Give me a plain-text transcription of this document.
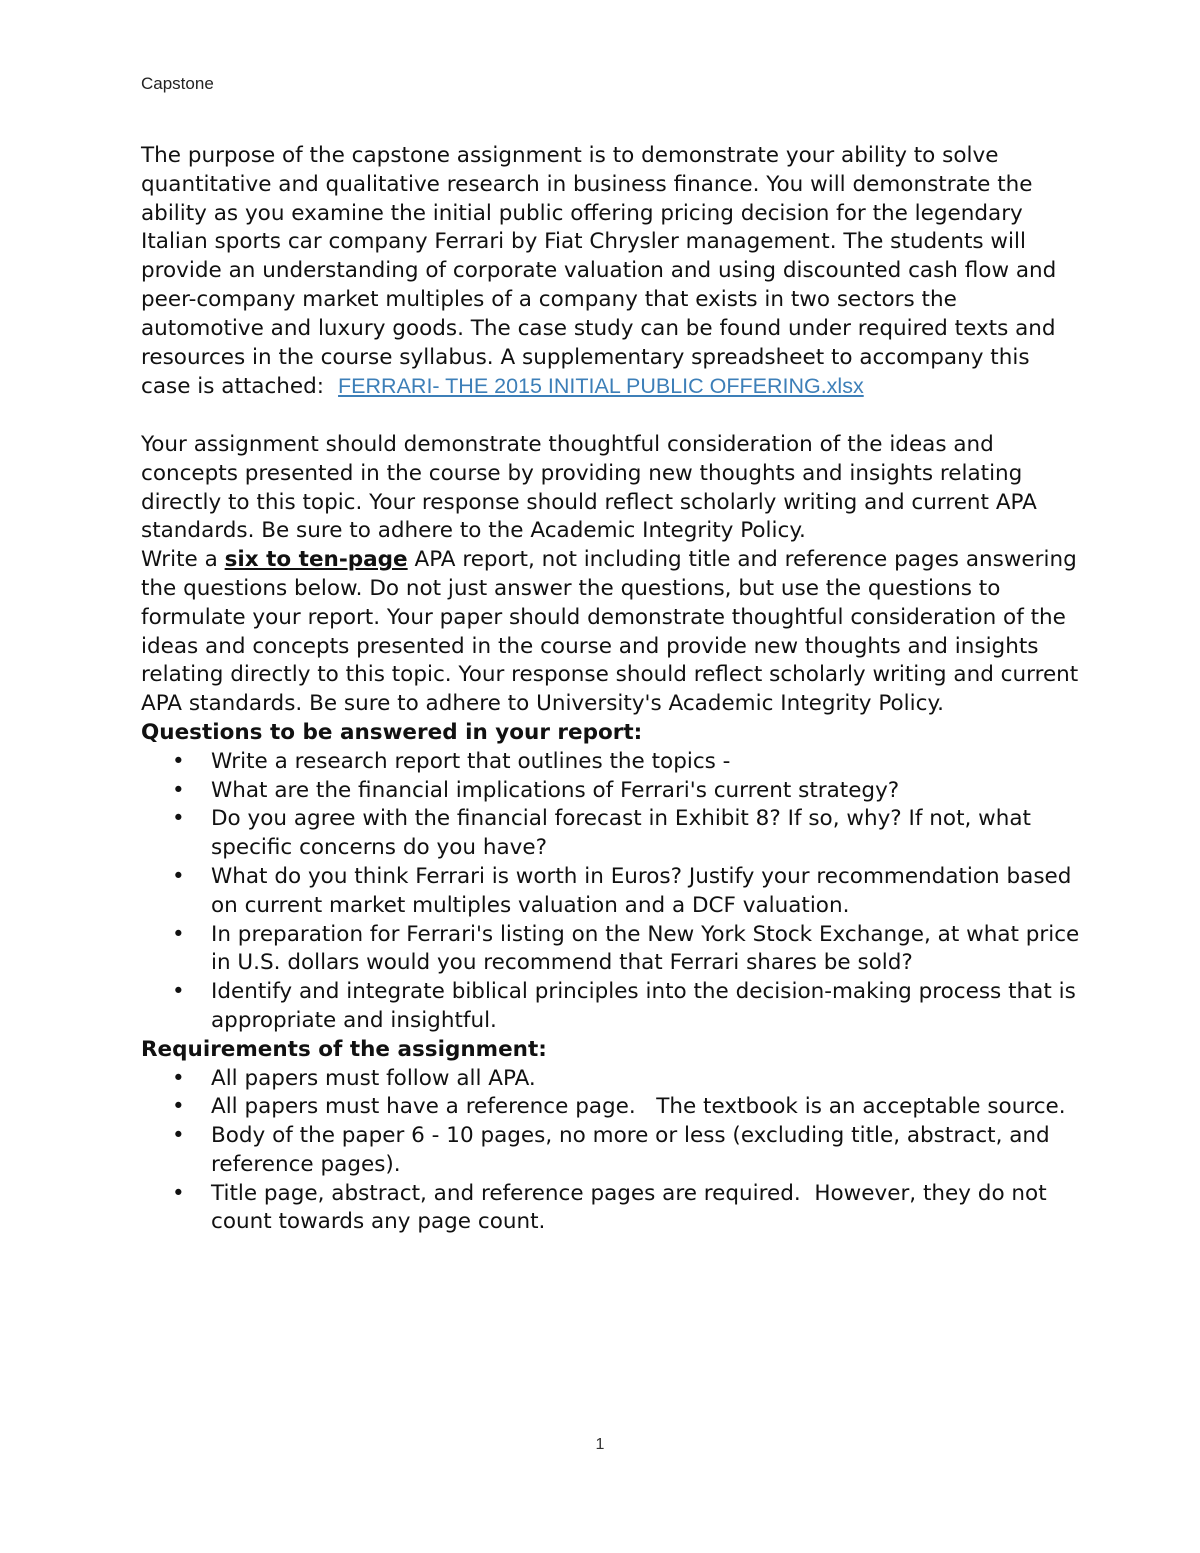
Capstone

The purpose of the capstone assignment is to demonstrate your ability to solve quantitative and qualitative research in business finance. You will demonstrate the ability as you examine the initial public offering pricing decision for the legendary Italian sports car company Ferrari by Fiat Chrysler management. The students will provide an understanding of corporate valuation and using discounted cash flow and peer-company market multiples of a company that exists in two sectors the automotive and luxury goods. The case study can be found under required texts and resources in the course syllabus. A supplementary spreadsheet to accompany this case is attached: FERRARI- THE 2015 INITIAL PUBLIC OFFERING.xlsx

Your assignment should demonstrate thoughtful consideration of the ideas and concepts presented in the course by providing new thoughts and insights relating directly to this topic. Your response should reflect scholarly writing and current APA standards. Be sure to adhere to the Academic Integrity Policy.

Write a six to ten-page APA report, not including title and reference pages answering the questions below. Do not just answer the questions, but use the questions to formulate your report. Your paper should demonstrate thoughtful consideration of the ideas and concepts presented in the course and provide new thoughts and insights relating directly to this topic. Your response should reflect scholarly writing and current APA standards. Be sure to adhere to University's Academic Integrity Policy.

Questions to be answered in your report:

• Write a research report that outlines the topics -
• What are the financial implications of Ferrari's current strategy?
• Do you agree with the financial forecast in Exhibit 8? If so, why? If not, what specific concerns do you have?
• What do you think Ferrari is worth in Euros? Justify your recommendation based on current market multiples valuation and a DCF valuation.
• In preparation for Ferrari's listing on the New York Stock Exchange, at what price in U.S. dollars would you recommend that Ferrari shares be sold?
• Identify and integrate biblical principles into the decision-making process that is appropriate and insightful.

Requirements of the assignment:

• All papers must follow all APA.
• All papers must have a reference page.   The textbook is an acceptable source.
• Body of the paper 6 - 10 pages, no more or less (excluding title, abstract, and reference pages).
• Title page, abstract, and reference pages are required.  However, they do not count towards any page count.
1
